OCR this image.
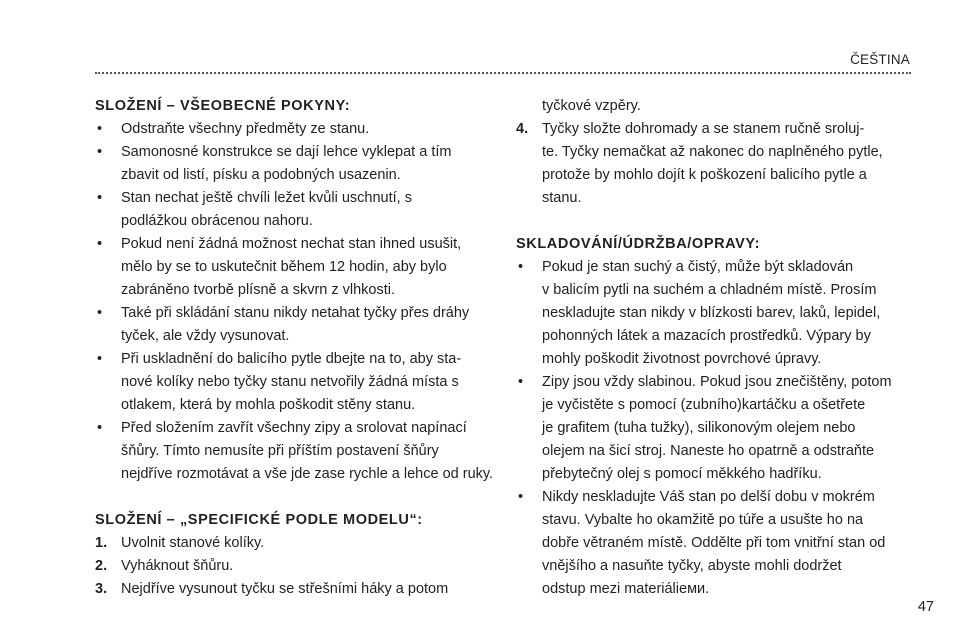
ČEŠTINA
SLOŽENÍ – VŠEOBECNÉ POKYNY:
• Odstraňte všechny předměty ze stanu.
• Samonosné konstrukce se dají lehce vyklepat a tím
zbavit od listí, písku a podobných usazenin.
• Stan nechat ještě chvíli ležet kvůli uschnutí, s
podlážkou obrácenou nahoru.
• Pokud není žádná možnost nechat stan ihned usušit,
mělo by se to uskutečnit během 12 hodin, aby bylo
zabráněno tvorbě plísně a skvrn z vlhkosti.
• Také při skládání stanu nikdy netahat tyčky přes dráhy
tyček, ale vždy vysunovat.
• Při uskladnění do balicího pytle dbejte na to, aby sta-
nové kolíky nebo tyčky stanu netvořily žádná místa s
otlakem, která by mohla poškodit stěny stanu.
• Před složením zavřít všechny zipy a srolovat napínací
šňůry. Tímto nemusíte při příštím postavení šňůry
nejdříve rozmotávat a vše jde zase rychle a lehce od ruky.
SLOŽENÍ – „SPECIFICKÉ PODLE MODELU“:
1. Uvolnit stanové kolíky.
2. Vyháknout šňůru.
3. Nejdříve vysunout tyčku se střešními háky a potom
tyčkové vzpěry.
4. Tyčky složte dohromady a se stanem ručně sroluj-
te. Tyčky nemačkat až nakonec do naplněného pytle,
protože by mohlo dojít k poškození balicího pytle a
stanu.
SKLADOVÁNÍ/ÚDRŽBA/OPRAVY:
• Pokud je stan suchý a čistý, může být skladován
v balicím pytli na suchém a chladném místě. Prosím
neskladujte stan nikdy v blízkosti barev, laků, lepidel,
pohonných látek a mazacích prostředků. Výpary by
mohly poškodit životnost povrchové úpravy.
• Zipy jsou vždy slabinou. Pokud jsou znečištěny, potom
je vyčistěte s pomocí (zubního)kartáčku a ošetřete
je grafitem (tuha tužky), silikonovým olejem nebo
olejem na šicí stroj. Naneste ho opatrně a odstraňte
přebytečný olej s pomocí měkkého hadříku.
• Nikdy neskladujte Váš stan po delší dobu v mokrém
stavu. Vybalte ho okamžitě po túře a usušte ho na
dobře větraném místě. Oddělte při tom vnitřní stan od
vnějšího a nasuňte tyčky, abyste mohli dodržet
odstup mezi materiálieми.
47
